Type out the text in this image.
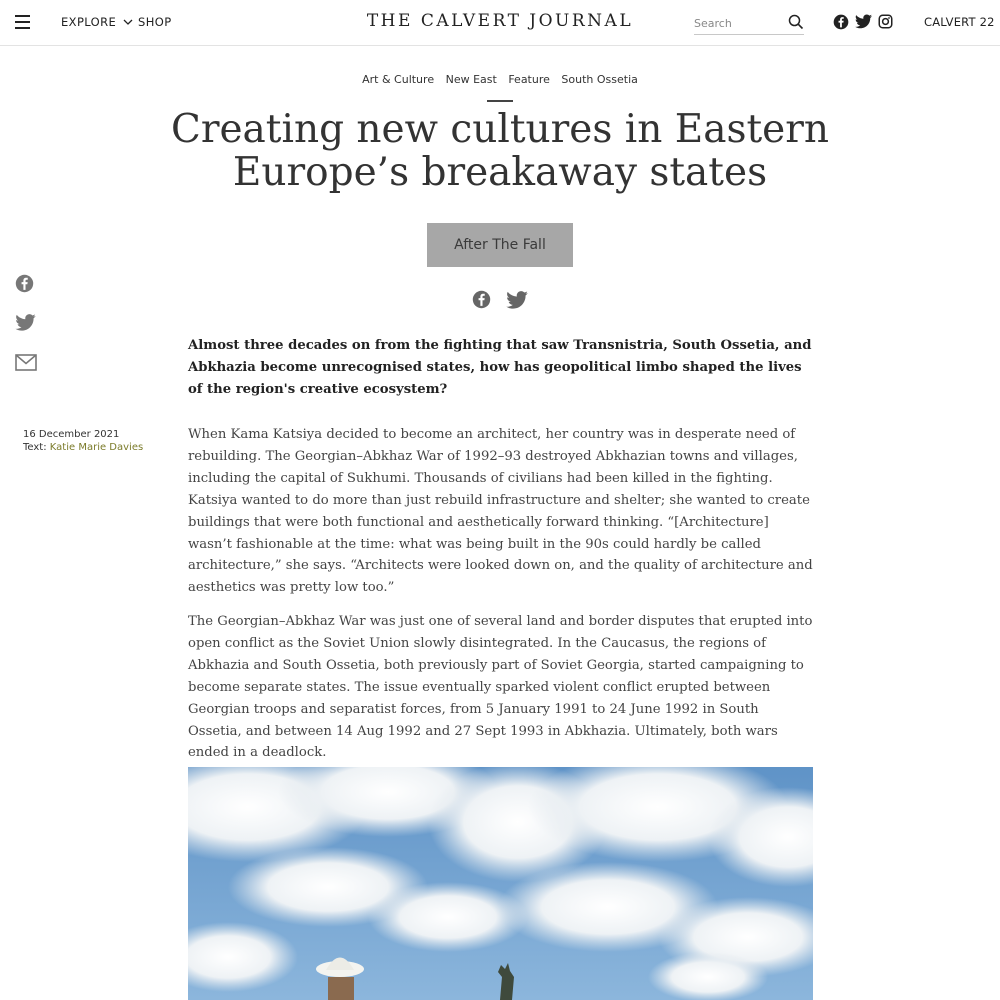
EXPLORE	SHOP	THE CALVERT JOURNAL
Search	CALVERT 22
Art & Culture New East Feature South Ossetia
Creating new cultures in Eastern Europe’s breakaway states
After The Fall
16 December 2021
Text: Katie Marie Davies

Almost three decades on from the fighting that saw Transnistria, South Ossetia, and Abkhazia become unrecognised states, how has geopolitical limbo shaped the lives of the region's creative ecosystem?

When Kama Katsiya decided to become an architect, her country was in desperate need of rebuilding. The Georgian–Abkhaz War of 1992–93 destroyed Abkhazian towns and villages, including the capital of Sukhumi. Thousands of civilians had been killed in the fighting. Katsiya wanted to do more than just rebuild infrastructure and shelter; she wanted to create buildings that were both functional and aesthetically forward thinking. “[Architecture] wasn’t fashionable at the time: what was being built in the 90s could hardly be called architecture,” she says. “Architects were looked down on, and the quality of architecture and aesthetics was pretty low too.”

The Georgian–Abkhaz War was just one of several land and border disputes that erupted into open conflict as the Soviet Union slowly disintegrated. In the Caucasus, the regions of Abkhazia and South Ossetia, both previously part of Soviet Georgia, started campaigning to become separate states. The issue eventually sparked violent conflict erupted between Georgian troops and separatist forces, from 5 January 1991 to 24 June 1992 in South Ossetia, and between 14 Aug 1992 and 27 Sept 1993 in Abkhazia. Ultimately, both wars ended in a deadlock.
